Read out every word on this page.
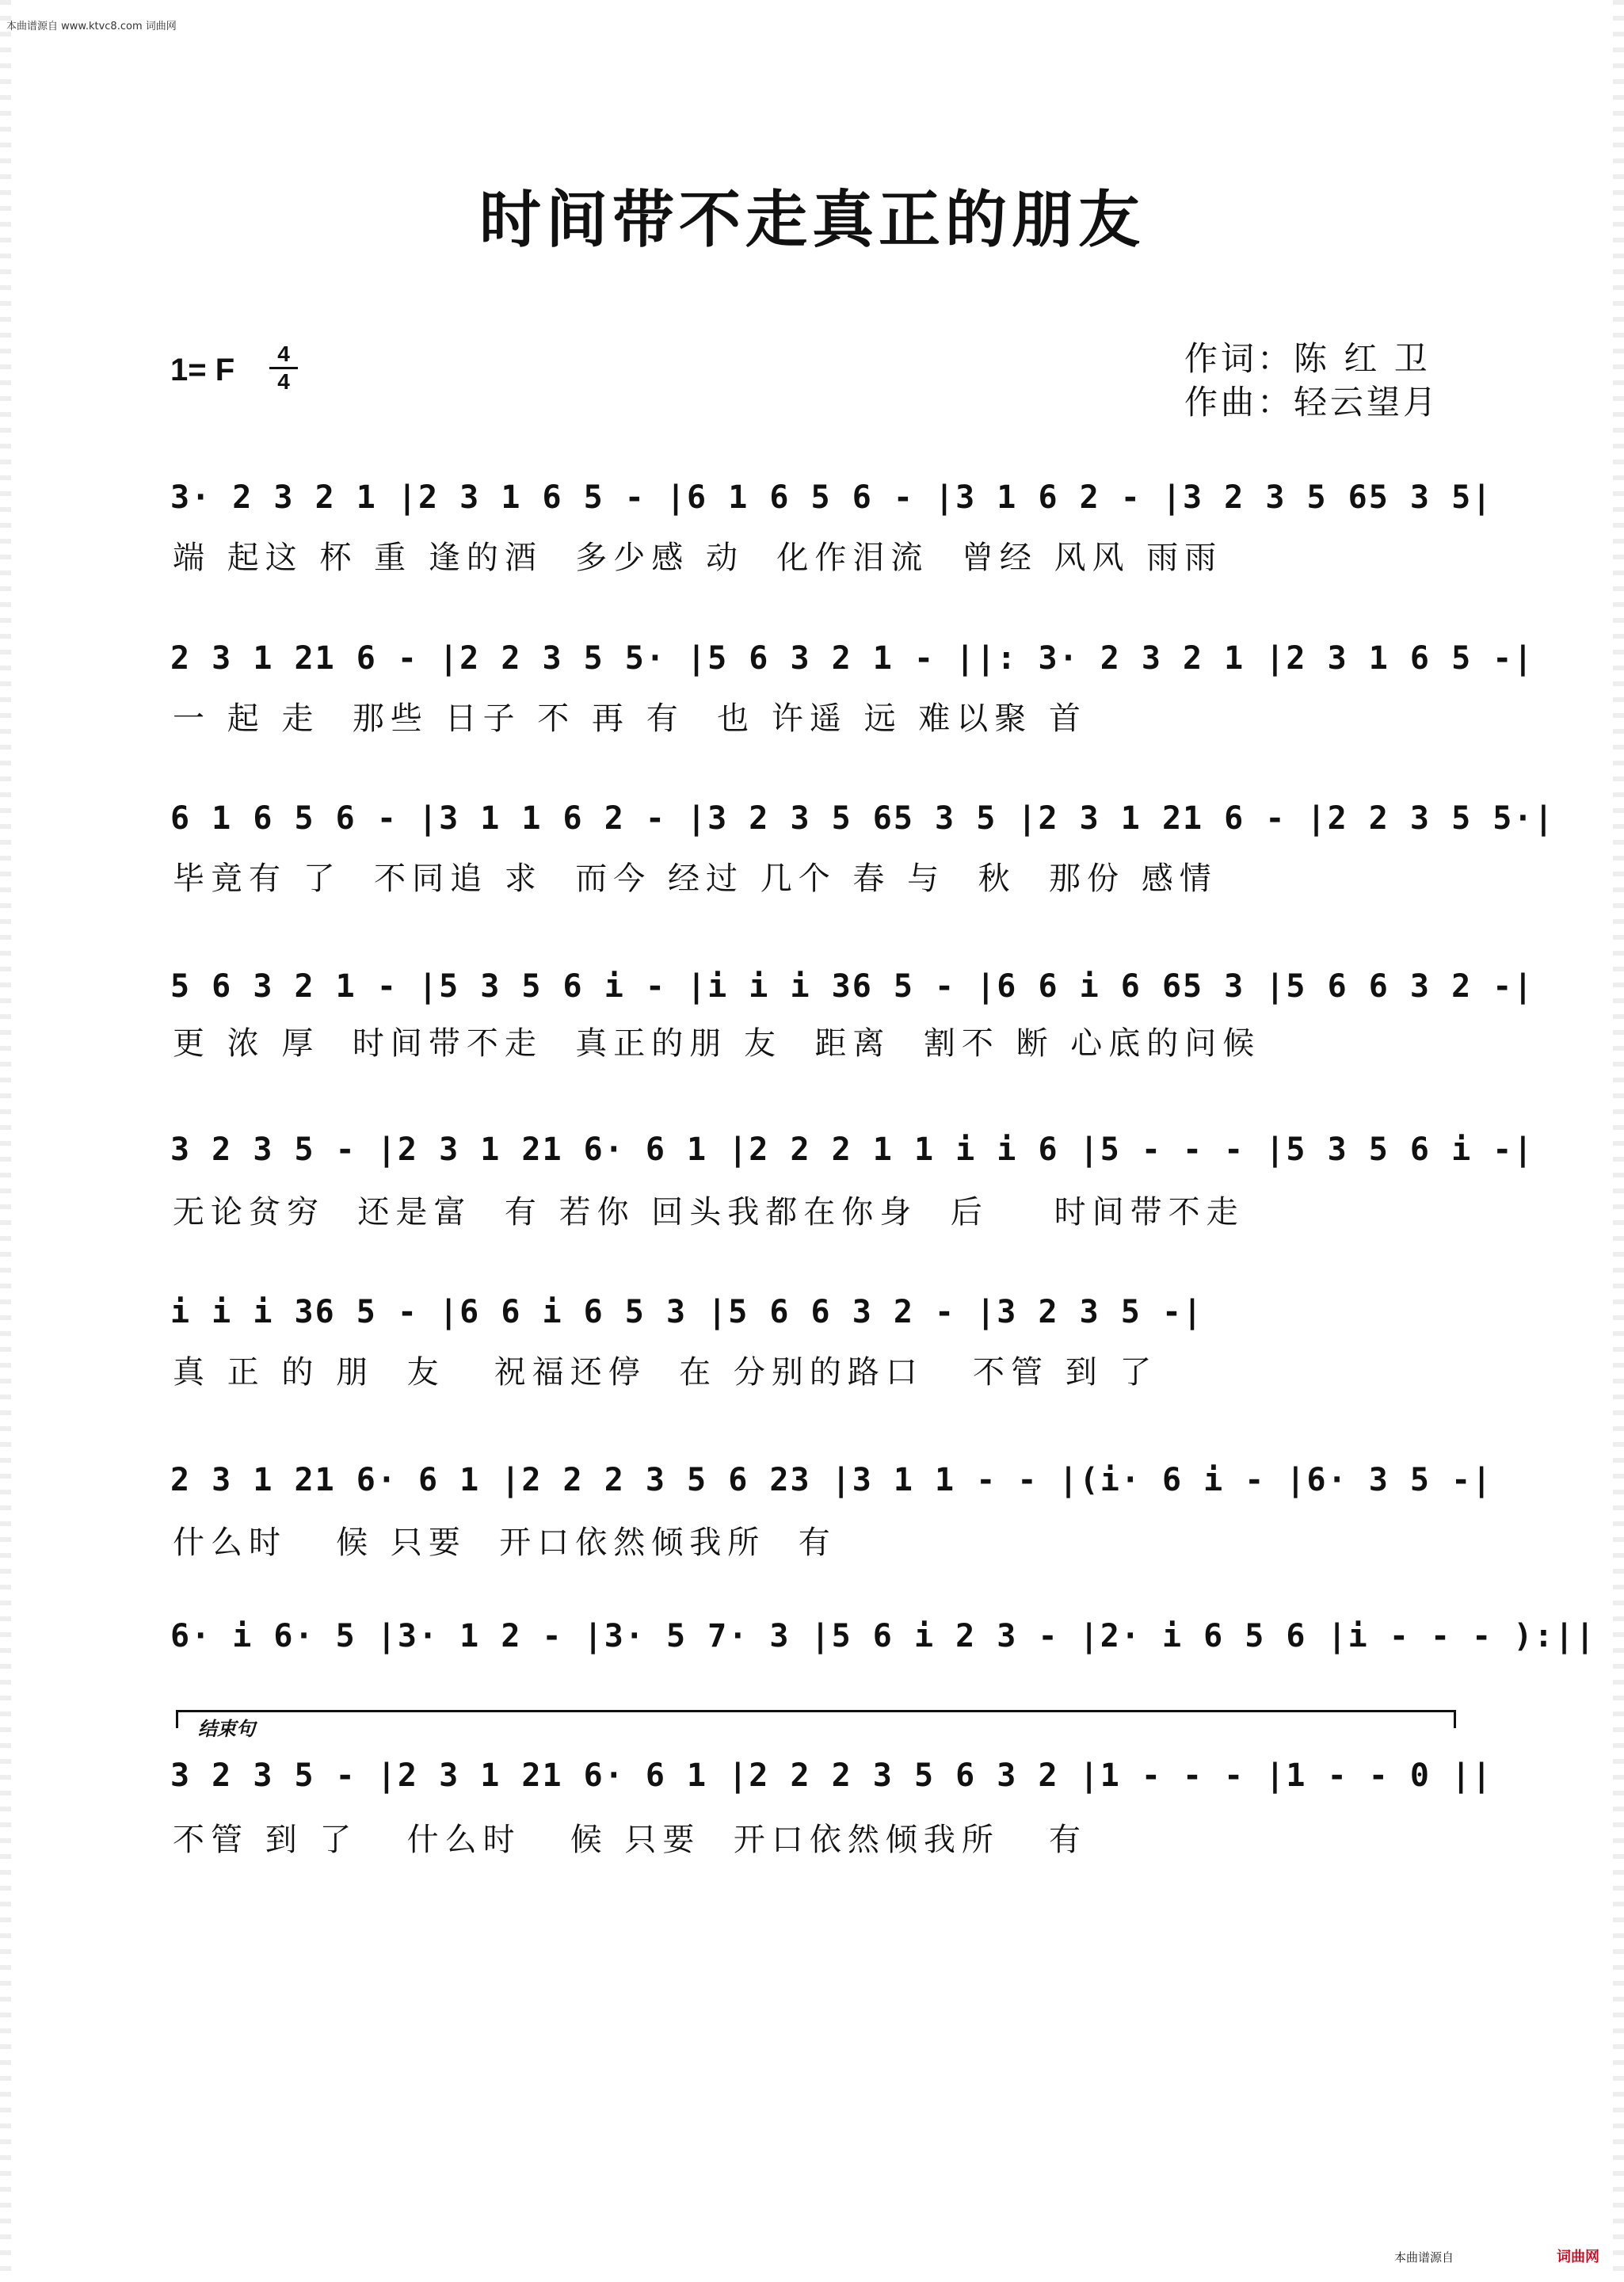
本曲谱源自 www.ktvc8.com 词曲网
时间带不走真正的朋友
1= F	4
4
作词：陈 红 卫
作曲：轻云望月
3· 2 3 2 1 |2 3 1 6 5 - |6 1 6 5 6 - |3 1 6 2 - |3 2 3 5 65 3 5|
端 起这 杯 重 逢的酒  多少感 动  化作泪流  曾经 风风 雨雨
2 3 1 21 6 - |2 2 3 5 5· |5 6 3 2 1 - ||: 3· 2 3 2 1 |2 3 1 6 5 -|
一 起 走  那些 日子 不 再 有  也 许遥 远 难以聚 首
6 1 6 5 6 - |3 1 1 6 2 - |3 2 3 5 65 3 5 |2 3 1 21 6 - |2 2 3 5 5·|
毕竟有 了  不同追 求  而今 经过 几个 春 与  秋  那份 感情
5 6 3 2 1 - |5 3 5 6 i - |i i i 36 5 - |6 6 i 6 65 3 |5 6 6 3 2 -|
更 浓 厚  时间带不走  真正的朋 友  距离  割不 断 心底的问候
3 2 3 5 - |2 3 1 21 6· 6 1 |2 2 2 1 1 i i 6 |5 - - - |5 3 5 6 i -|
无论贫穷  还是富  有 若你 回头我都在你身  后    时间带不走
i i i 36 5 - |6 6 i 6 5 3 |5 6 6 3 2 - |3 2 3 5 -|
真 正 的 朋  友   祝福还停  在 分别的路口   不管 到 了
2 3 1 21 6· 6 1 |2 2 2 3 5 6 23 |3 1 1 - - |(i· 6 i - |6· 3 5 -|
什么时   候 只要  开口依然倾我所  有
6· i 6· 5 |3· 1 2 - |3· 5 7· 3 |5 6 i 2 3 - |2· i 6 5 6 |i - - - ):||
结束句
3 2 3 5 - |2 3 1 21 6· 6 1 |2 2 2 3 5 6 3 2 |1 - - - |1 - - 0 ||
不管 到 了   什么时   候 只要  开口依然倾我所   有
本曲谱源自	词曲网
